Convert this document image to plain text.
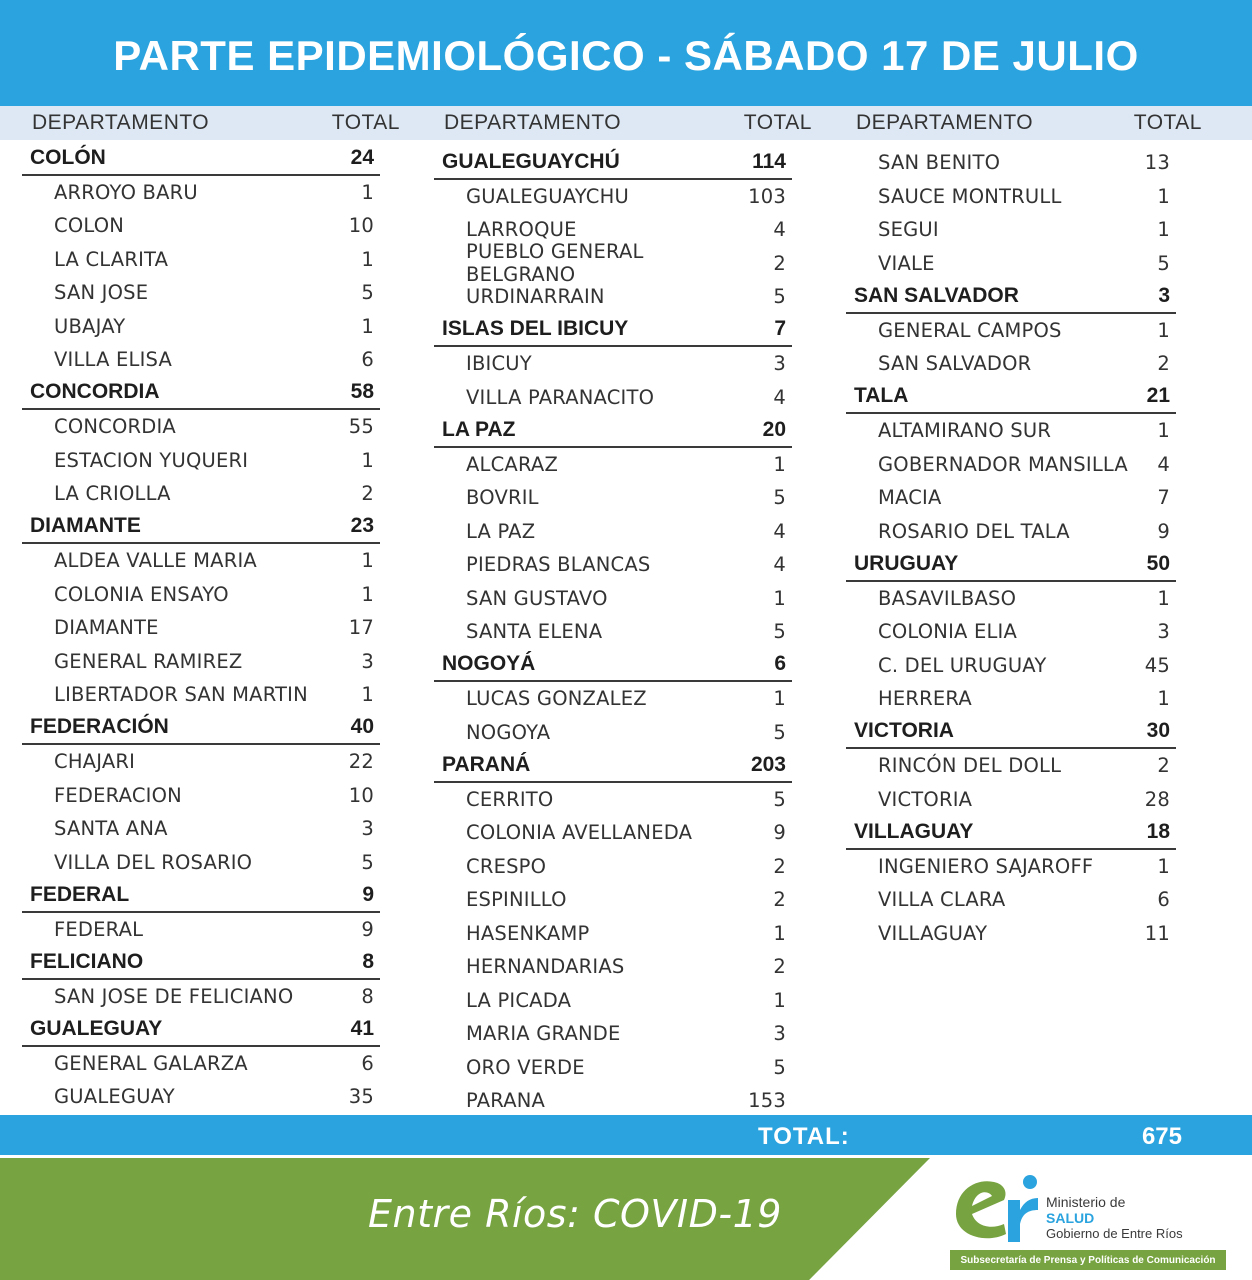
PARTE EPIDEMIOLÓGICO - SÁBADO 17 DE JULIO
DEPARTAMENTO	TOTAL
COLÓN	24
ARROYO BARU	1
COLON	10
LA CLARITA	1
SAN JOSE	5
UBAJAY	1
VILLA ELISA	6
CONCORDIA	58
CONCORDIA	55
ESTACION YUQUERI	1
LA CRIOLLA	2
DIAMANTE	23
ALDEA VALLE MARIA	1
COLONIA ENSAYO	1
DIAMANTE	17
GENERAL RAMIREZ	3
LIBERTADOR SAN MARTIN	1
FEDERACIÓN	40
CHAJARI	22
FEDERACION	10
SANTA ANA	3
VILLA DEL ROSARIO	5
FEDERAL	9
FEDERAL	9
FELICIANO	8
SAN JOSE DE FELICIANO	8
GUALEGUAY	41
GENERAL GALARZA	6
GUALEGUAY	35
DEPARTAMENTO	TOTAL
GUALEGUAYCHÚ	114
GUALEGUAYCHU	103
LARROQUE	4
PUEBLO GENERAL BELGRANO	2
URDINARRAIN	5
ISLAS DEL IBICUY	7
IBICUY	3
VILLA PARANACITO	4
LA PAZ	20
ALCARAZ	1
BOVRIL	5
LA PAZ	4
PIEDRAS BLANCAS	4
SAN GUSTAVO	1
SANTA ELENA	5
NOGOYÁ	6
LUCAS GONZALEZ	1
NOGOYA	5
PARANÁ	203
CERRITO	5
COLONIA AVELLANEDA	9
CRESPO	2
ESPINILLO	2
HASENKAMP	1
HERNANDARIAS	2
LA PICADA	1
MARIA GRANDE	3
ORO VERDE	5
PARANA	153
DEPARTAMENTO	TOTAL
SAN BENITO	13
SAUCE MONTRULL	1
SEGUI	1
VIALE	5
SAN SALVADOR	3
GENERAL CAMPOS	1
SAN SALVADOR	2
TALA	21
ALTAMIRANO SUR	1
GOBERNADOR MANSILLA	4
MACIA	7
ROSARIO DEL TALA	9
URUGUAY	50
BASAVILBASO	1
COLONIA ELIA	3
C. DEL URUGUAY	45
HERRERA	1
VICTORIA	30
RINCÓN DEL DOLL	2
VICTORIA	28
VILLAGUAY	18
INGENIERO SAJAROFF	1
VILLA CLARA	6
VILLAGUAY	11
TOTAL:	675
Entre Ríos: COVID-19	Ministerio de
SALUD
Gobierno de Entre Ríos
Subsecretaría de Prensa y Políticas de Comunicación
